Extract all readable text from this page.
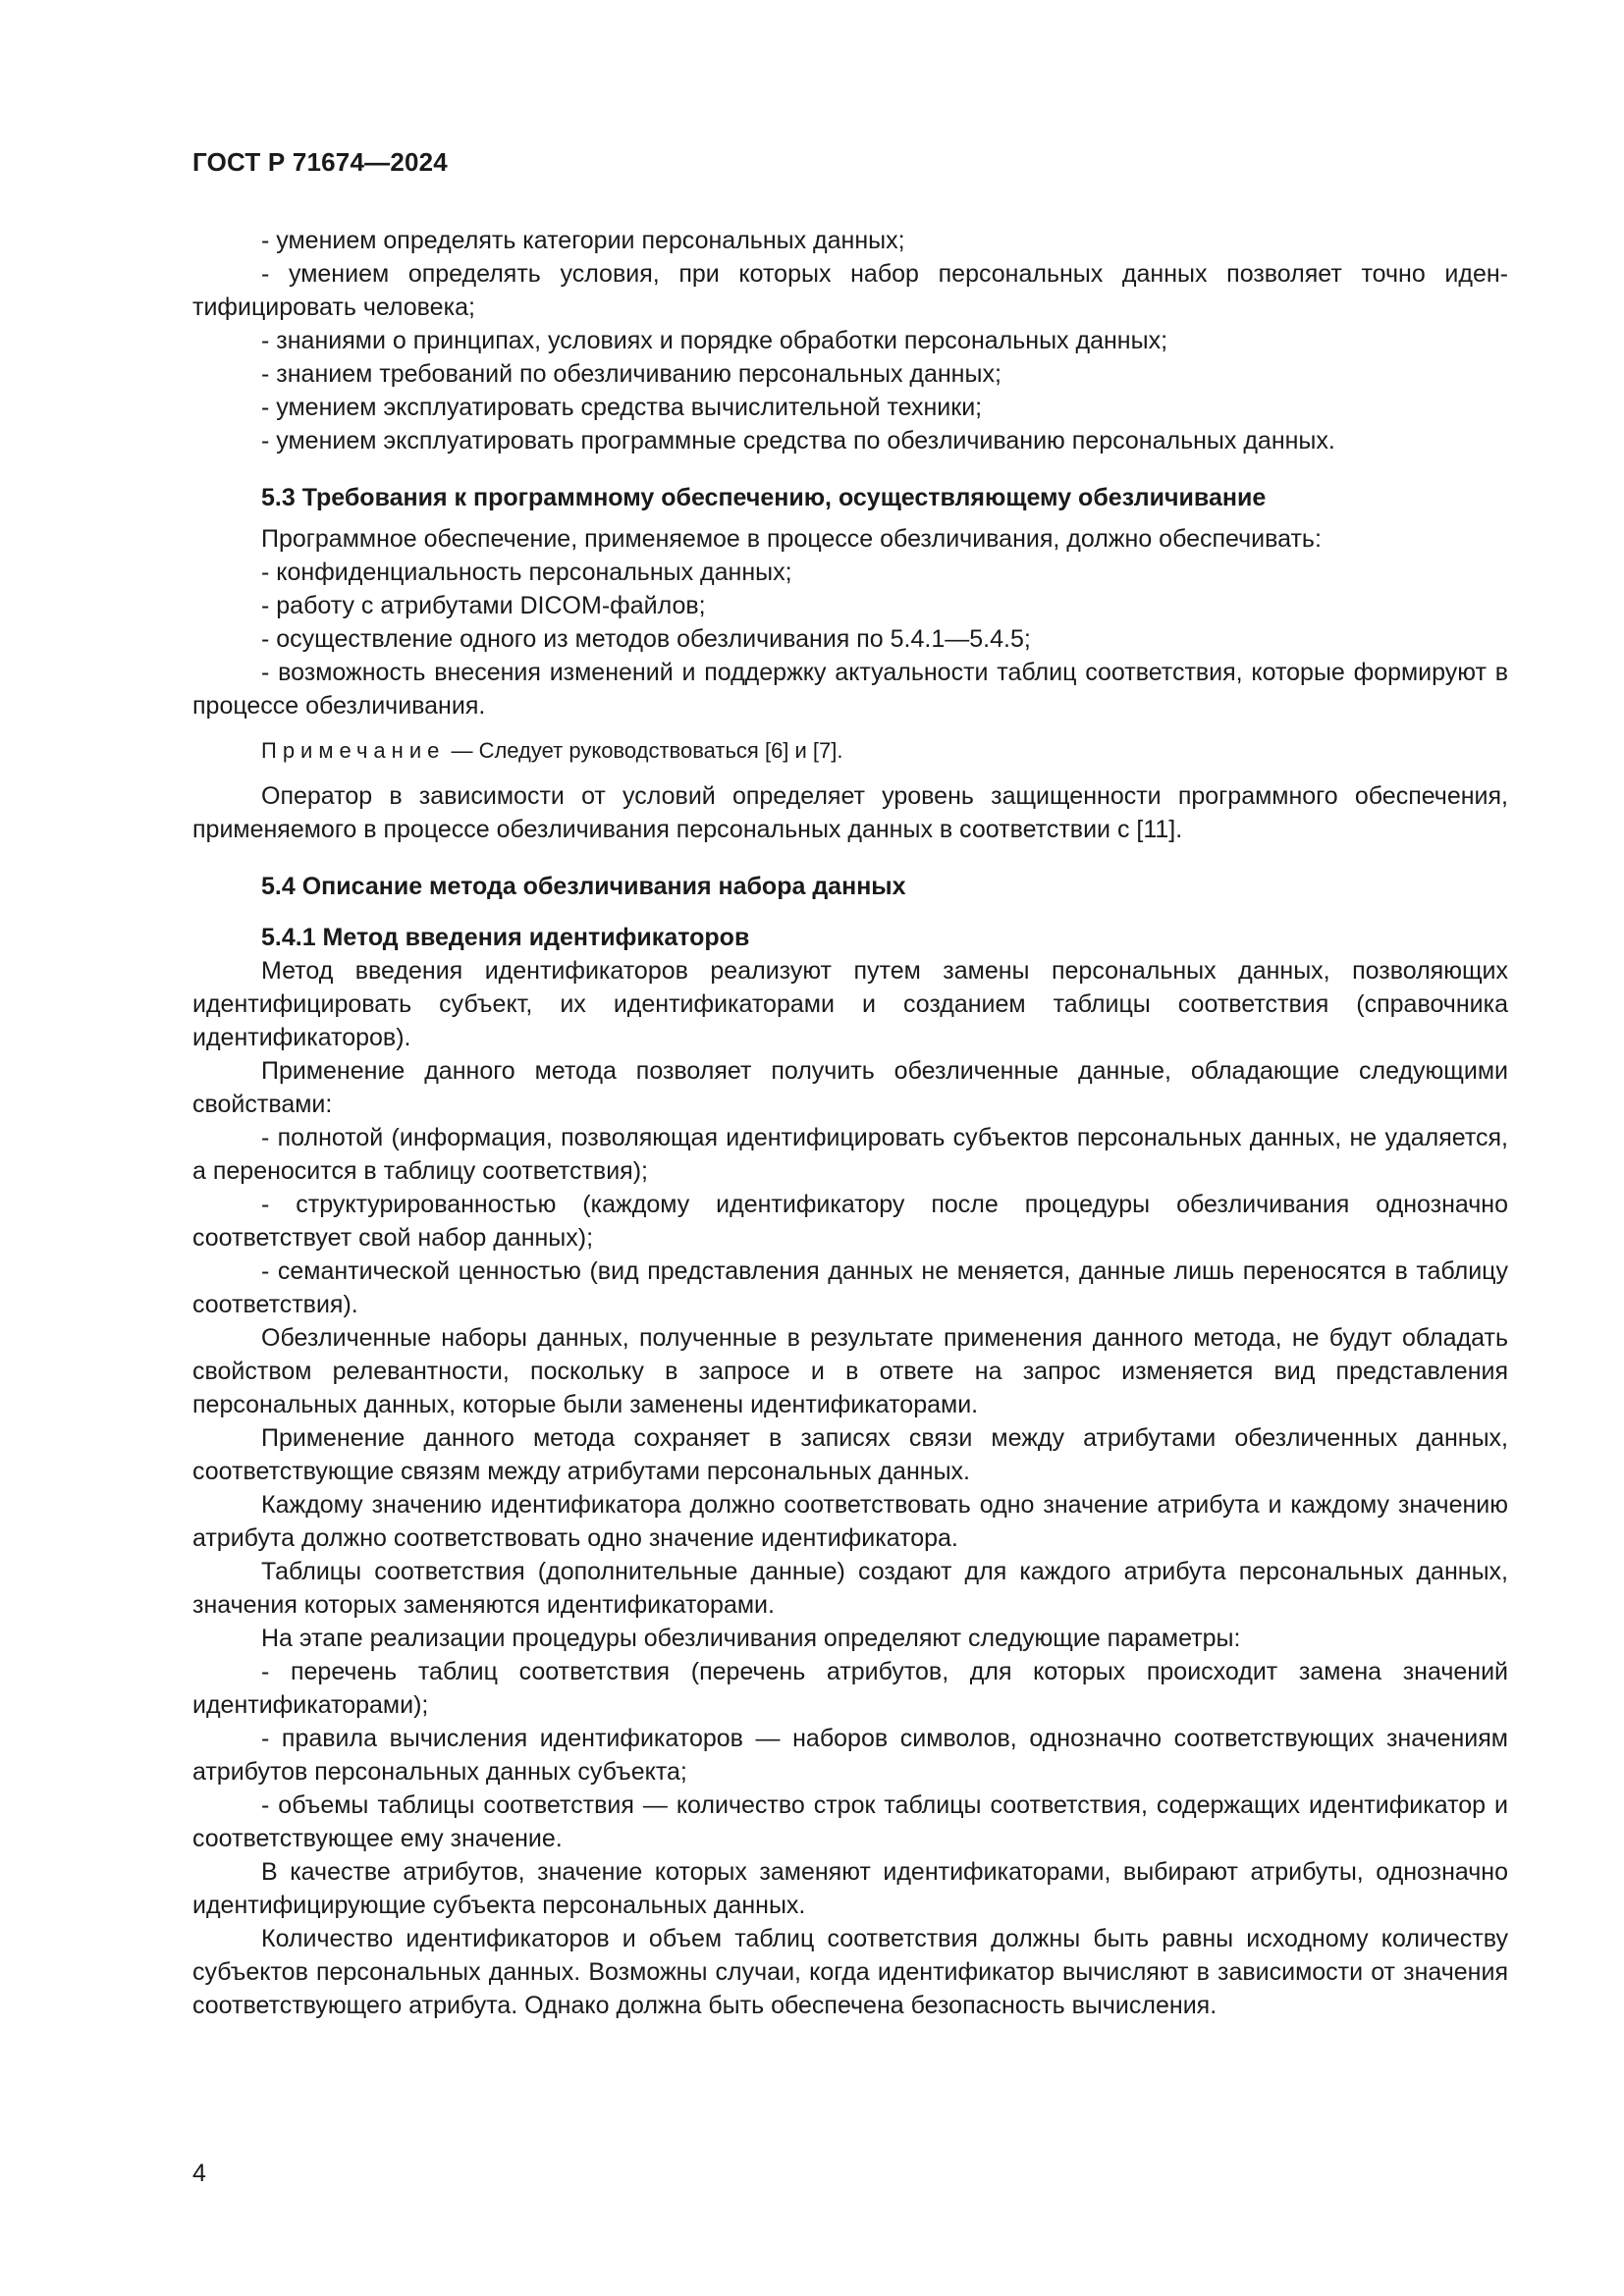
ГОСТ Р 71674—2024

- умением определять категории персональных данных;

- умением определять условия, при которых набор персональных данных позволяет точно идентифицировать человека;

- знаниями о принципах, условиях и порядке обработки персональных данных;

- знанием требований по обезличиванию персональных данных;

- умением эксплуатировать средства вычислительной техники;

- умением эксплуатировать программные средства по обезличиванию персональных данных.

5.3 Требования к программному обеспечению, осуществляющему обезличивание

Программное обеспечение, применяемое в процессе обезличивания, должно обеспечивать:

- конфиденциальность персональных данных;

- работу с атрибутами DICOM-файлов;

- осуществление одного из методов обезличивания по 5.4.1—5.4.5;

- возможность внесения изменений и поддержку актуальности таблиц соответствия, которые формируют в процессе обезличивания.

Примечание — Следует руководствоваться [6] и [7].

Оператор в зависимости от условий определяет уровень защищенности программного обеспечения, применяемого в процессе обезличивания персональных данных в соответствии с [11].

5.4 Описание метода обезличивания набора данных

5.4.1 Метод введения идентификаторов

Метод введения идентификаторов реализуют путем замены персональных данных, позволяющих идентифицировать субъект, их идентификаторами и созданием таблицы соответствия (справочника идентификаторов).

Применение данного метода позволяет получить обезличенные данные, обладающие следующими свойствами:

- полнотой (информация, позволяющая идентифицировать субъектов персональных данных, не удаляется, а переносится в таблицу соответствия);

- структурированностью (каждому идентификатору после процедуры обезличивания однозначно соответствует свой набор данных);

- семантической ценностью (вид представления данных не меняется, данные лишь переносятся в таблицу соответствия).

Обезличенные наборы данных, полученные в результате применения данного метода, не будут обладать свойством релевантности, поскольку в запросе и в ответе на запрос изменяется вид представления персональных данных, которые были заменены идентификаторами.

Применение данного метода сохраняет в записях связи между атрибутами обезличенных данных, соответствующие связям между атрибутами персональных данных.

Каждому значению идентификатора должно соответствовать одно значение атрибута и каждому значению атрибута должно соответствовать одно значение идентификатора.

Таблицы соответствия (дополнительные данные) создают для каждого атрибута персональных данных, значения которых заменяются идентификаторами.

На этапе реализации процедуры обезличивания определяют следующие параметры:

- перечень таблиц соответствия (перечень атрибутов, для которых происходит замена значений идентификаторами);

- правила вычисления идентификаторов — наборов символов, однозначно соответствующих значениям атрибутов персональных данных субъекта;

- объемы таблицы соответствия — количество строк таблицы соответствия, содержащих идентификатор и соответствующее ему значение.

В качестве атрибутов, значение которых заменяют идентификаторами, выбирают атрибуты, однозначно идентифицирующие субъекта персональных данных.

Количество идентификаторов и объем таблиц соответствия должны быть равны исходному количеству субъектов персональных данных. Возможны случаи, когда идентификатор вычисляют в зависимости от значения соответствующего атрибута. Однако должна быть обеспечена безопасность вычисления.

4
